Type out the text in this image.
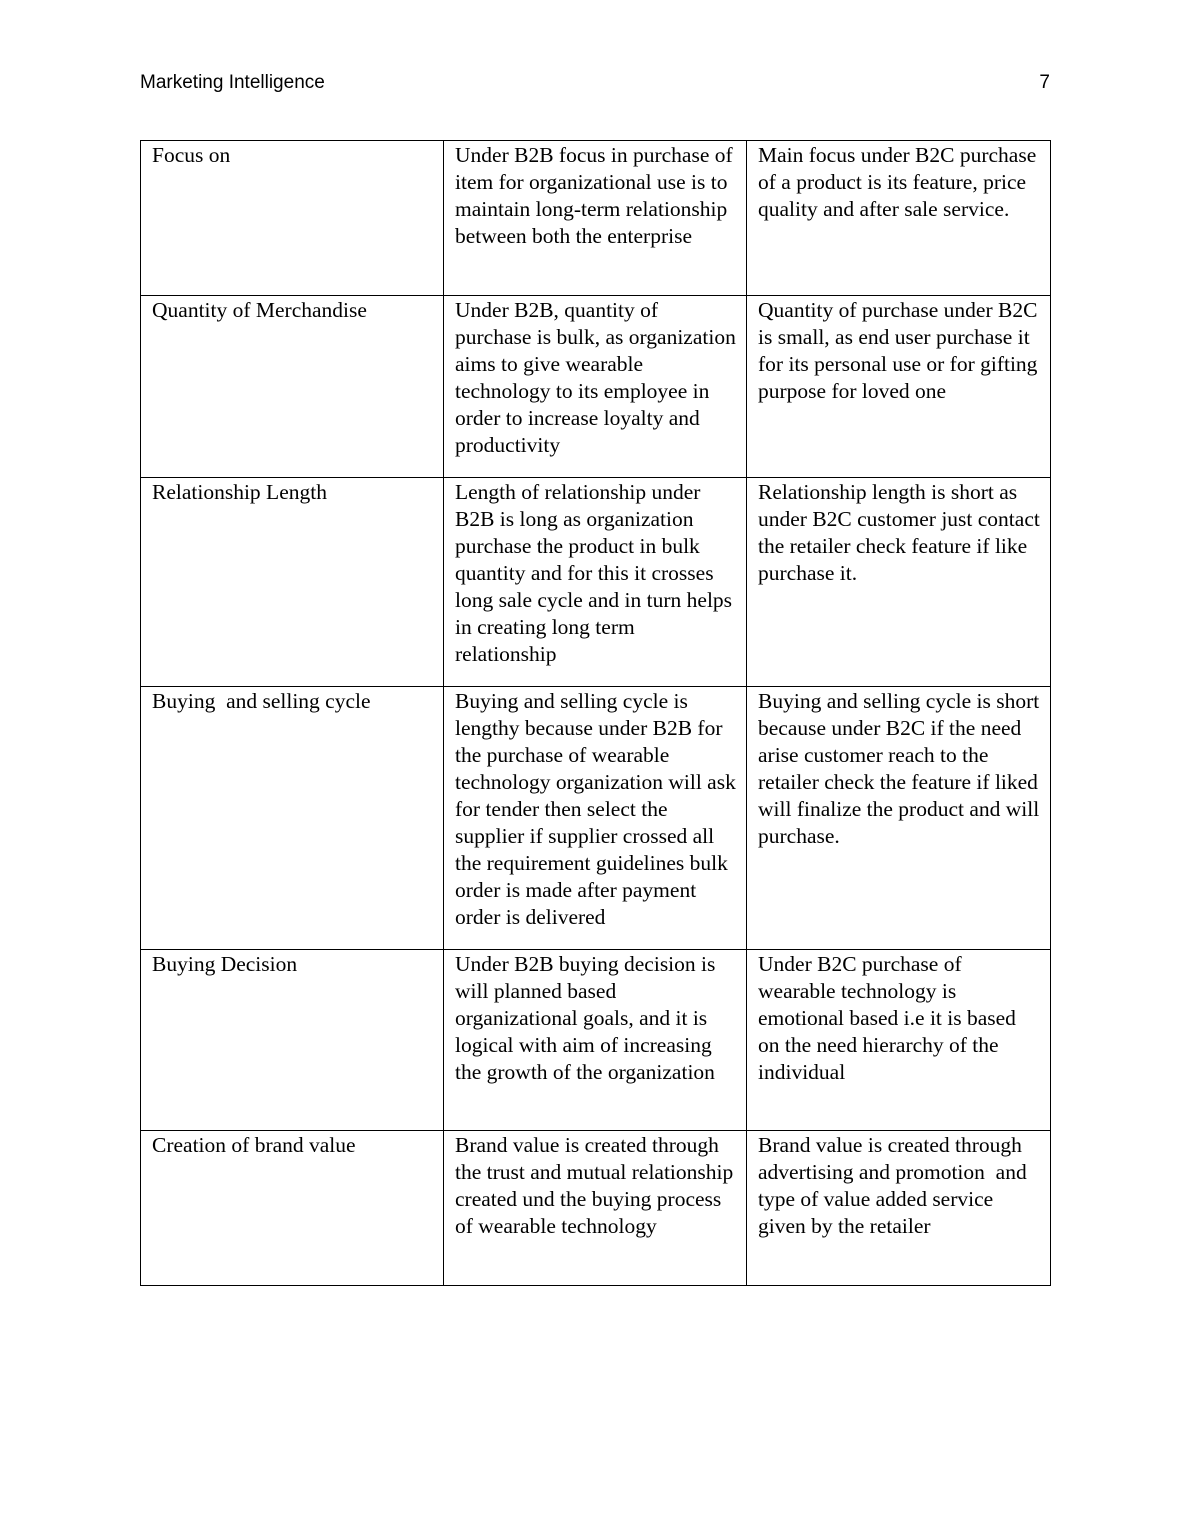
Marketing Intelligence	7
Focus on	Under B2B focus in purchase of item for organizational use is to maintain long-term relationship between both the enterprise	Main focus under B2C purchase of a product is its feature, price quality and after sale service.
Quantity of Merchandise	Under B2B, quantity of purchase is bulk, as organization aims to give wearable technology to its employee in order to increase loyalty and productivity	Quantity of purchase under B2C is small, as end user purchase it for its personal use or for gifting purpose for loved one
Relationship Length	Length of relationship under B2B is long as organization purchase the product in bulk quantity and for this it crosses long sale cycle and in turn helps in creating long term relationship	Relationship length is short as under B2C customer just contact the retailer check feature if like purchase it.
Buying  and selling cycle	Buying and selling cycle is lengthy because under B2B for the purchase of wearable technology organization will ask for tender then select the supplier if supplier crossed all the requirement guidelines bulk order is made after payment order is delivered	Buying and selling cycle is short because under B2C if the need arise customer reach to the retailer check the feature if liked will finalize the product and will purchase.
Buying Decision	Under B2B buying decision is will planned based organizational goals, and it is logical with aim of increasing the growth of the organization	Under B2C purchase of wearable technology is emotional based i.e it is based on the need hierarchy of the individual
Creation of brand value	Brand value is created through the trust and mutual relationship created und the buying process of wearable technology	Brand value is created through advertising and promotion  and type of value added service given by the retailer
